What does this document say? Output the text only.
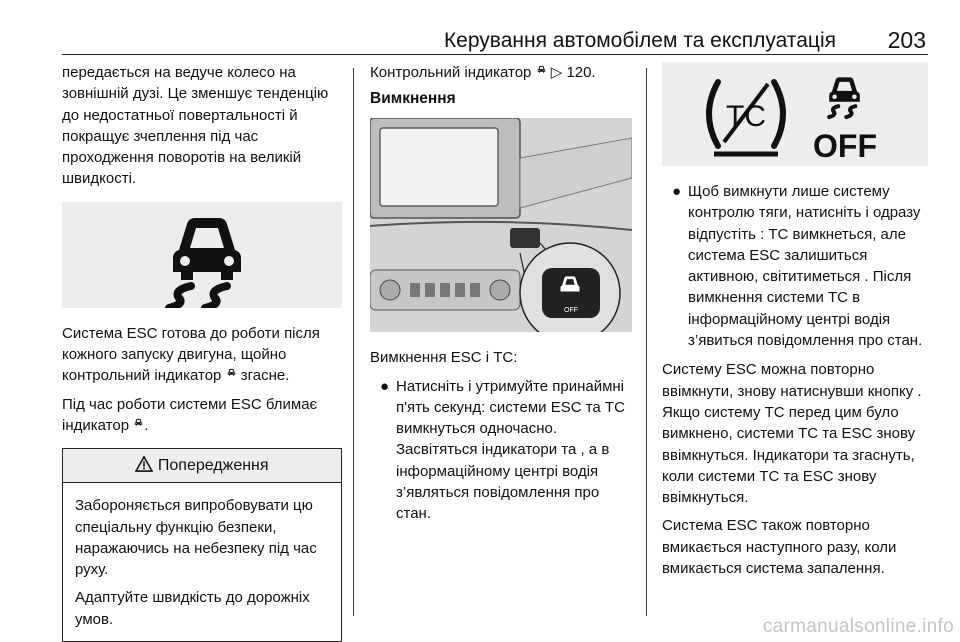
Керування автомобілем та експлуатація 203

передається на ведуче колесо на зовнішній дузі. Це зменшує тенденцію до недостатньої повертальності й покращує зчеплення під час проходження поворотів на великій швидкості.

Система ESC готова до роботи після кожного запуску двигуна, щойно контрольний індикатор  згасне.

Під час роботи системи ESC блимає індикатор .

Попередження

Забороняється випробовувати цю спеціальну функцію безпеки, наражаючись на небезпеку під час руху.

Адаптуйте швидкість до дорожніх умов.

Контрольний індикатор  ▷ 120.

Вимкнення
OFF

Вимкнення ESC і TC:

● Натисніть і утримуйте принаймні п'ять секунд: системи ESC та TC вимкнуться одночасно. Засвітяться індикатори та , а в інформаційному центрі водія з’являться повідомлення про стан.
TC
OFF
● Щоб вимкнути лише систему контролю тяги, натисніть і одразу відпустіть : TC вимкнеться, але система ESC залишиться активною, світитиметься . Після вимкнення системи TC в інформаційному центрі водія з’явиться повідомлення про стан.

Систему ESC можна повторно ввімкнути, знову натиснувши кнопку . Якщо систему TC перед цим було вимкнено, системи TC та ESC знову ввімкнуться. Індикатори та згаснуть, коли системи TC та ESC знову ввімкнуться.

Система ESC також повторно вмикається наступного разу, коли вмикається система запалення.

carmanualsonline.info
